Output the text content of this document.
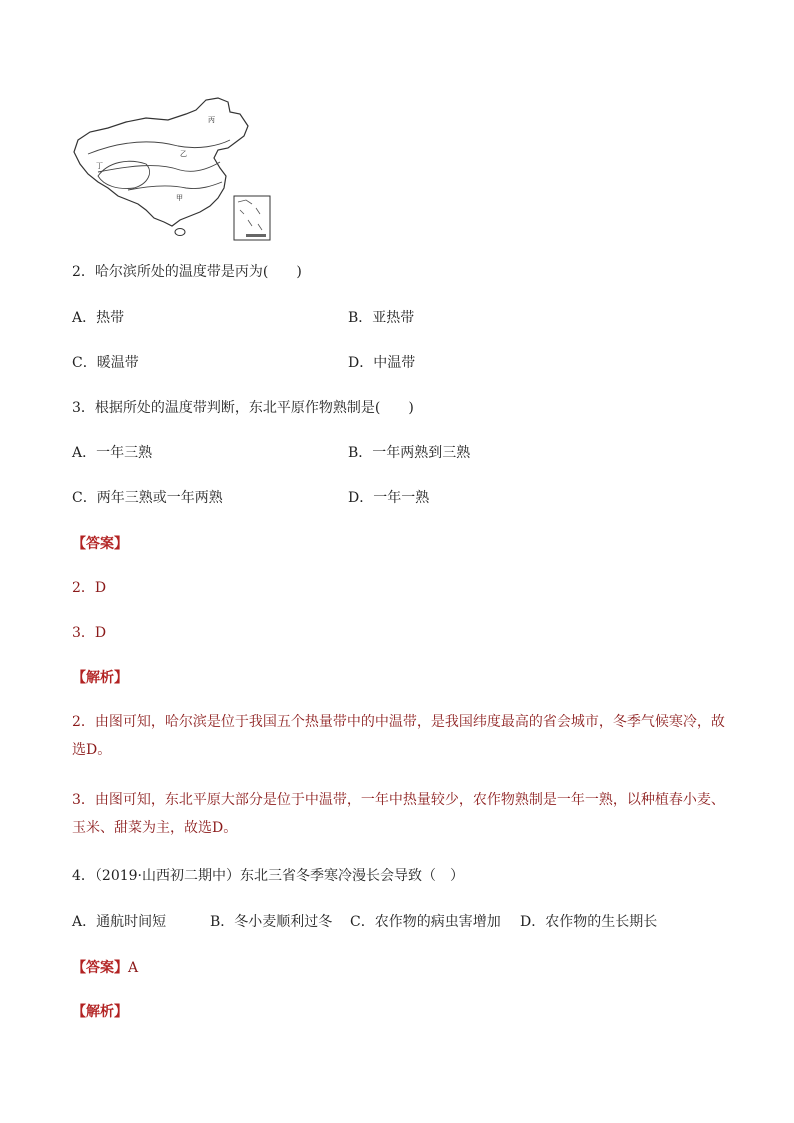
丙
乙
丁
甲
2．哈尔滨所处的温度带是丙为(　　)
A．热带	B．亚热带
C．暖温带	D．中温带
3．根据所处的温度带判断，东北平原作物熟制是(　　)
A．一年三熟	B．一年两熟到三熟
C．两年三熟或一年两熟	D．一年一熟
【答案】
2．D
3．D
【解析】
2．由图可知，哈尔滨是位于我国五个热量带中的中温带，是我国纬度最高的省会城市，冬季气候寒冷，故选D。
3．由图可知，东北平原大部分是位于中温带，一年中热量较少，农作物熟制是一年一熟，以种植春小麦、玉米、甜菜为主，故选D。
4．（2019·山西初二期中）东北三省冬季寒冷漫长会导致（　）
A．通航时间短	B．冬小麦顺利过冬 C．农作物的病虫害增加 D．农作物的生长期长
【答案】A
【解析】
